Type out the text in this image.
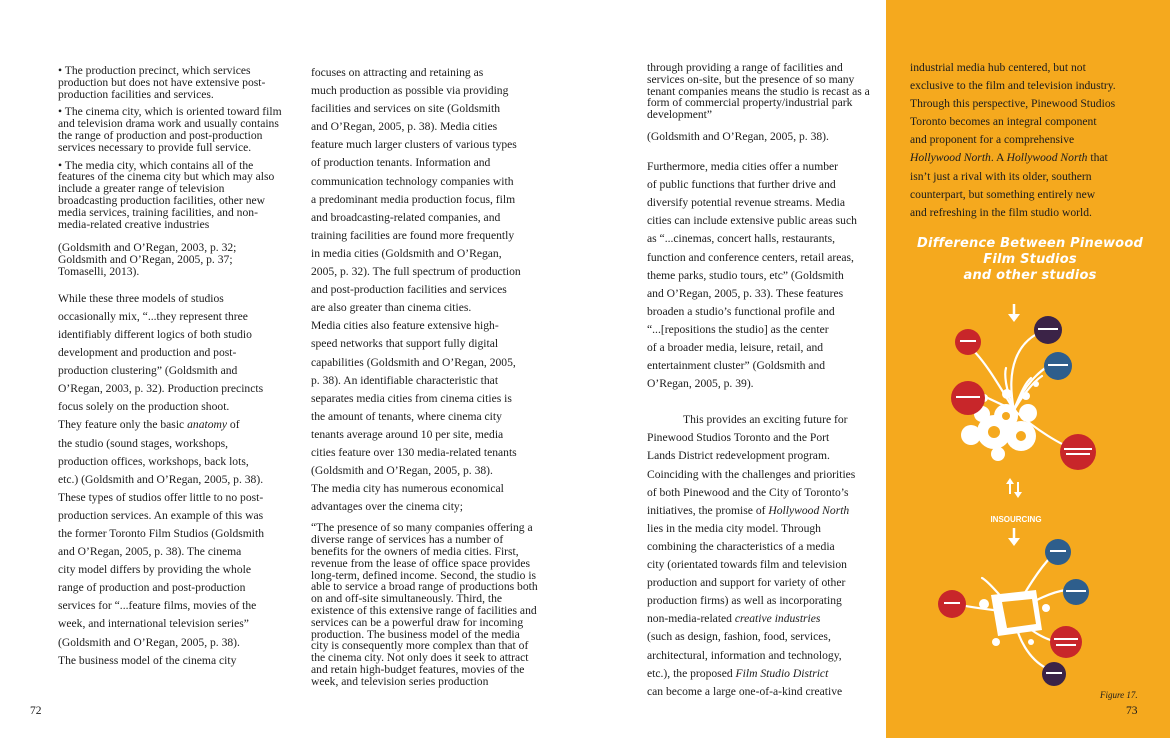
• The production precinct, which services production but does not have extensive post-production facilities and services.

• The cinema city, which is oriented toward film and television drama work and usually contains the range of production and post-production services necessary to provide full service.

• The media city, which contains all of the features of the cinema city but which may also include a greater range of television broadcasting production facilities, other new media services, training facilities, and non-media-related creative industries

(Goldsmith and O’Regan, 2003, p. 32;

Goldsmith and O’Regan, 2005, p. 37;

Tomaselli, 2013).

While these three models of studios

occasionally mix, “...they represent three

identifiably different logics of both studio

development and production and post-

production clustering” (Goldsmith and

O’Regan, 2003, p. 32). Production precincts

focus solely on the production shoot.

They feature only the basic anatomy of

the studio (sound stages, workshops,

production offices, workshops, back lots,

etc.) (Goldsmith and O’Regan, 2005, p. 38).

These types of studios offer little to no post-

production services. An example of this was

the former Toronto Film Studios (Goldsmith

and O’Regan, 2005, p. 38). The cinema

city model differs by providing the whole

range of production and post-production

services for “...feature films, movies of the

week, and international television series”

(Goldsmith and O’Regan, 2005, p. 38).

The business model of the cinema city

focuses on attracting and retaining as

much production as possible via providing

facilities and services on site (Goldsmith

and O’Regan, 2005, p. 38). Media cities

feature much larger clusters of various types

of production tenants. Information and

communication technology companies with

a predominant media production focus, film

and broadcasting-related companies, and

training facilities are found more frequently

in media cities (Goldsmith and O’Regan,

2005, p. 32). The full spectrum of production

and post-production facilities and services

are also greater than cinema cities.

Media cities also feature extensive high-

speed networks that support fully digital

capabilities (Goldsmith and O’Regan, 2005,

p. 38). An identifiable characteristic that

separates media cities from cinema cities is

the amount of tenants, where cinema city

tenants average around 10 per site, media

cities feature over 130 media-related tenants

(Goldsmith and O’Regan, 2005, p. 38).

The media city has numerous economical

advantages over the cinema city;

“The presence of so many companies offering a diverse range of services has a number of benefits for the owners of media cities. First, revenue from the lease of office space provides long-term, defined income. Second, the studio is able to service a broad range of productions both on and off-site simultaneously. Third, the existence of this extensive range of facilities and services can be a powerful draw for incoming production. The business model of the media city is consequently more complex than that of the cinema city. Not only does it seek to attract and retain high-budget features, movies of the week, and television series production

72

through providing a range of facilities and services on-site, but the presence of so many tenant companies means the studio is recast as a form of commercial property/industrial park development”

(Goldsmith and O’Regan, 2005, p. 38).

Furthermore, media cities offer a number

of public functions that further drive and

diversify potential revenue streams. Media

cities can include extensive public areas such

as “...cinemas, concert halls, restaurants,

function and conference centers, retail areas,

theme parks, studio tours, etc” (Goldsmith

and O’Regan, 2005, p. 33). These features

broaden a studio’s functional profile and

“...[repositions the studio] as the center

of a broader media, leisure, retail, and

entertainment cluster” (Goldsmith and

O’Regan, 2005, p. 39).

This provides an exciting future for

Pinewood Studios Toronto and the Port

Lands District redevelopment program.

Coinciding with the challenges and priorities

of both Pinewood and the City of Toronto’s

initiatives, the promise of Hollywood North

lies in the media city model. Through

combining the characteristics of a media

city (orientated towards film and television

production and support for variety of other

production firms) as well as incorporating

non-media-related creative industries

(such as design, fashion, food, services,

architectural, information and technology,

etc.), the proposed Film Studio District

can become a large one-of-a-kind creative

industrial media hub centered, but not

exclusive to the film and television industry.

Through this perspective, Pinewood Studios

Toronto becomes an integral component

and proponent for a comprehensive

Hollywood North. A Hollywood North that

isn’t just a rival with its older, southern

counterpart, but something entirely new

and refreshing in the film studio world.

Difference Between Pinewood Film Studios
and other studios
INSOURCING
Figure 17.
73
